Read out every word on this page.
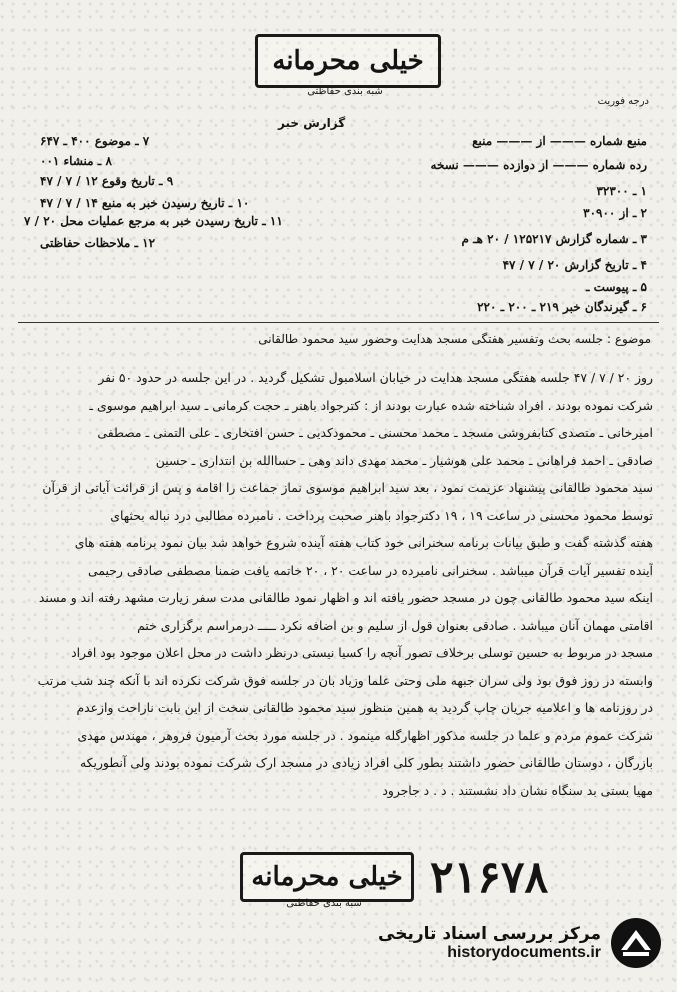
خیلی محرمانه
شبه بندی حفاظتی
درجه فوریت
گزارش خبر
منبع شماره ——— از ——— منبع
رده شماره ——— از دوازده ——— نسخه
۱ ـ ۳۲۳۰۰
۲ ـ از ۳۰۹۰۰
۳ ـ شماره گزارش ۱۲۵۲۱۷ / ۲۰ هـ م
۴ ـ تاریخ گزارش ۲۰ / ۷ / ۴۷
۵ ـ پیوست ـ
۶ ـ گیرندگان خبر ۲۱۹ ـ ۲۰۰ ـ ۲۲۰
۷ ـ موضوع ۴۰۰ ـ ۶۴۷
۸ ـ منشاء ۰۰۱
۹ ـ تاریخ وقوع ۱۲ / ۷ / ۴۷
۱۰ ـ تاریخ رسیدن خبر به منبع ۱۴ / ۷ / ۴۷
۱۱ ـ تاریخ رسیدن خبر به مرجع عملیات محل ۲۰ / ۷
۱۲ ـ ملاحظات حفاظتی
موضوع : جلسه بحث وتفسیر هفتگی مسجد هدایت وحضور سید محمود طالقانی
روز ۲۰ / ۷ / ۴۷ جلسه هفتگی مسجد هدایت در خیابان اسلامبول تشکیل گردید . در این جلسه در حدود ۵۰ نفر
شرکت نموده بودند . افراد شناخته شده عبارت بودند از : کترجواد باهنر ـ حجت کرمانی ـ سید ابراهیم موسوی ـ
امیرخانی ـ متصدی کتابفروشی مسجد ـ محمد محسنی ـ محمودکدیی ـ حسن افتخاری ـ علی التمنی ـ مصطفی
صادقی ـ احمد فراهانی ـ محمد علی هوشیار ـ محمد مهدی داند وهی ـ حساالله بن انتداری ـ حسین
سید محمود طالقانی پیشنهاد عزیمت نمود ، بعد سید ابراهیم موسوی نماز جماعت را اقامه و پس از قرائت آیاتی از قرآن
توسط محمود محسنی در ساعت ۱۹ ، ۱۹ دکترجواد باهنر صحبت پرداخت . نامبرده مطالبی درد نباله بحثهای
هفته گذشته گفت و طبق بیانات برنامه سخنرانی خود کتاب هفته آینده شروع خواهد شد بیان نمود برنامه هفته های
آینده تفسیر آیات قرآن میباشد . سخنرانی نامبرده در ساعت ۲۰ ، ۲۰ خاتمه یافت ضمنا مصطفی صادقی رحیمی
اینکه سید محمود طالقانی چون در مسجد حضور یافته اند و اظهار نمود طالقانی مدت سفر زیارت مشهد رفته اند و مسند
اقامتی مهمان آنان میباشد . صادقی بعنوان قول از سلیم و بن اضافه نکرد ـــــ درمراسم برگزاری ختم
مسجد در مربوط به حسین توسلی برخلاف تصور آنچه را کسیا نیستی درنظر داشت در محل اعلان موجود بود افراد
وابسته در روز فوق بود ولی سران جبهه ملی وحتی علما وزیاد بان در جلسه فوق شرکت نکرده اند با آنکه چند شب مرتب
در روزنامه ها و اعلامیه جریان چاپ گردید به همین منظور سید محمود طالقانی سخت از این بابت ناراحت وازعدم
شرکت عموم مردم و علما در جلسه مذکور اظهارگله مینمود . در جلسه مورد بحث آرمیون فروهر ، مهندس مهدی
بازرگان ، دوستان طالقانی حضور داشتند بطور کلی افراد زیادی در مسجد ارک شرکت نموده بودند ولی آنطوریکه
مهیا بستی بد سنگاه نشان داد نشستند . د . د جاجرود
خیلی محرمانه
شبه بندی حفاظتی
۲۱۶۷۸
مرکز بررسی اسناد تاریخی
historydocuments.ir
